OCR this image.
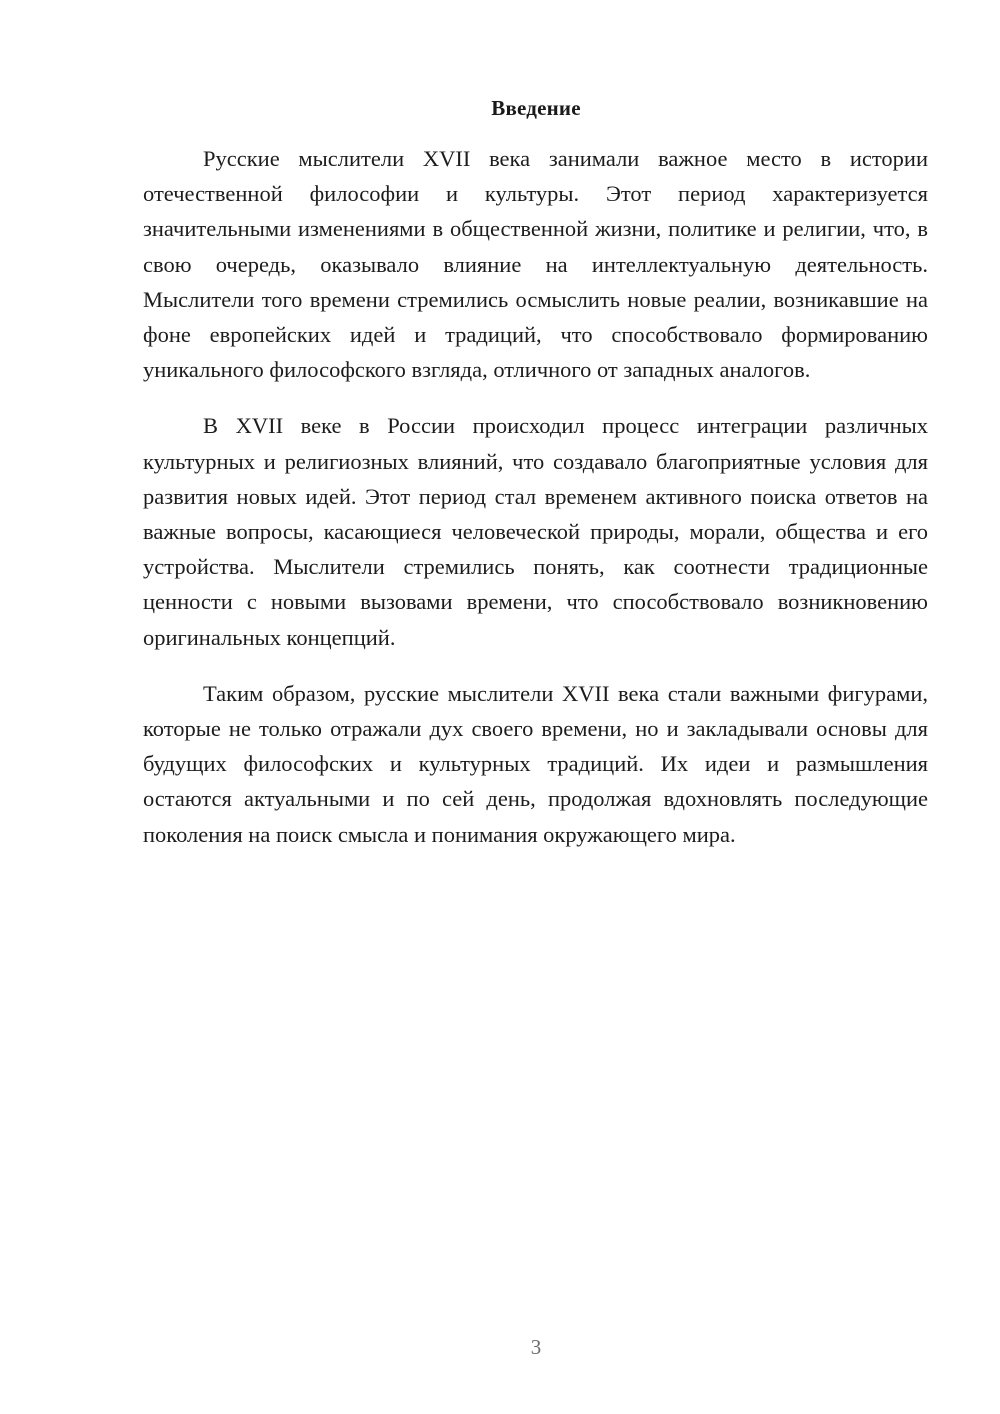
Введение

Русские мыслители XVII века занимали важное место в истории отечественной философии и культуры. Этот период характеризуется значительными изменениями в общественной жизни, политике и религии, что, в свою очередь, оказывало влияние на интеллектуальную деятельность. Мыслители того времени стремились осмыслить новые реалии, возникавшие на фоне европейских идей и традиций, что способствовало формированию уникального философского взгляда, отличного от западных аналогов.

В XVII веке в России происходил процесс интеграции различных культурных и религиозных влияний, что создавало благоприятные условия для развития новых идей. Этот период стал временем активного поиска ответов на важные вопросы, касающиеся человеческой природы, морали, общества и его устройства. Мыслители стремились понять, как соотнести традиционные ценности с новыми вызовами времени, что способствовало возникновению оригинальных концепций.

Таким образом, русские мыслители XVII века стали важными фигурами, которые не только отражали дух своего времени, но и закладывали основы для будущих философских и культурных традиций. Их идеи и размышления остаются актуальными и по сей день, продолжая вдохновлять последующие поколения на поиск смысла и понимания окружающего мира.

3
